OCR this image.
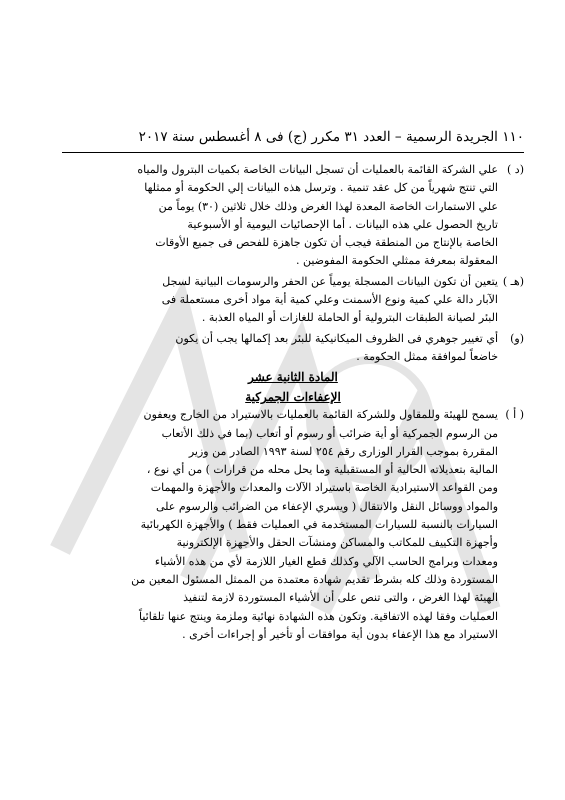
١١٠ الجريدة الرسمية – العدد ٣١ مكرر (ج) فى ٨ أغسطس سنة ٢٠١٧
(د )
علي الشركة القائمة بالعمليات أن تسجل البيانات الخاصة بكميات البترول والمياه
التي تنتج شهرياً من كل عقد تنمية . وترسل هذه البيانات إلي الحكومة أو ممثلها
علي الاستمارات الخاصة المعدة لهذا الغرض وذلك خلال ثلاثين (٣٠) يوماً من
تاريخ الحصول علي هذه البيانات . أما الإحصائيات اليومية أو الأسبوعية
الخاصة بالإنتاج من المنطقة فيجب أن تكون جاهزة للفحص فى جميع الأوقات
المعقولة بمعرفة ممثلي الحكومة المفوضين .
(هـ )
يتعين أن تكون البيانات المسجلة يومياً عن الحفر والرسومات البيانية لسجل
الآبار دالة علي كمية ونوع الأسمنت وعلي كمية أية مواد أخرى مستعملة فى
البئر لصيانة الطبقات البترولية أو الحاملة للغازات أو المياه العذبة .
(و)
أي تغيير جوهري فى الظروف الميكانيكية للبئر بعد إكمالها يجب أن يكون
خاضعاً لموافقة ممثل الحكومة .
المادة الثانية عشر
الإعفاءات الجمركية
( أ )
يسمح للهيئة وللمقاول وللشركة القائمة بالعمليات بالاستيراد من الخارج ويعفون
من الرسوم الجمركية أو أية ضرائب أو رسوم أو أتعاب (بما في ذلك الأتعاب
المقررة بموجب القرار الوزارى رقم ٢٥٤ لسنة ١٩٩٣ الصادر من وزير
المالية بتعديلاته الحالية أو المستقبلية وما يحل محله من قرارات ) من أي نوع ،
ومن القواعد الاستيرادية الخاصة باستيراد الآلات والمعدات والأجهزة والمهمات
والمواد ووسائل النقل والانتقال ( ويسري الإعفاء من الضرائب والرسوم على
السيارات بالنسبة للسيارات المستخدمة في العمليات فقط ) والأجهزة الكهربائية
وأجهزة التكييف للمكاتب والمساكن ومنشآت الحقل والأجهزة الإلكترونية
ومعدات وبرامج الحاسب الآلي وكذلك قطع الغيار اللازمة لأي من هذه الأشياء
المستوردة وذلك كله بشرط تقديم شهادة معتمدة من الممثل المسئول المعين من
الهيئة لهذا الغرض ، والتى تنص على أن الأشياء المستوردة لازمة لتنفيذ
العمليات وفقا لهذه الاتفاقية. وتكون هذه الشهادة نهائية وملزمة وينتج عنها تلقائياً
الاستيراد مع هذا الإعفاء بدون أية موافقات أو تأخير أو إجراءات أخرى .
